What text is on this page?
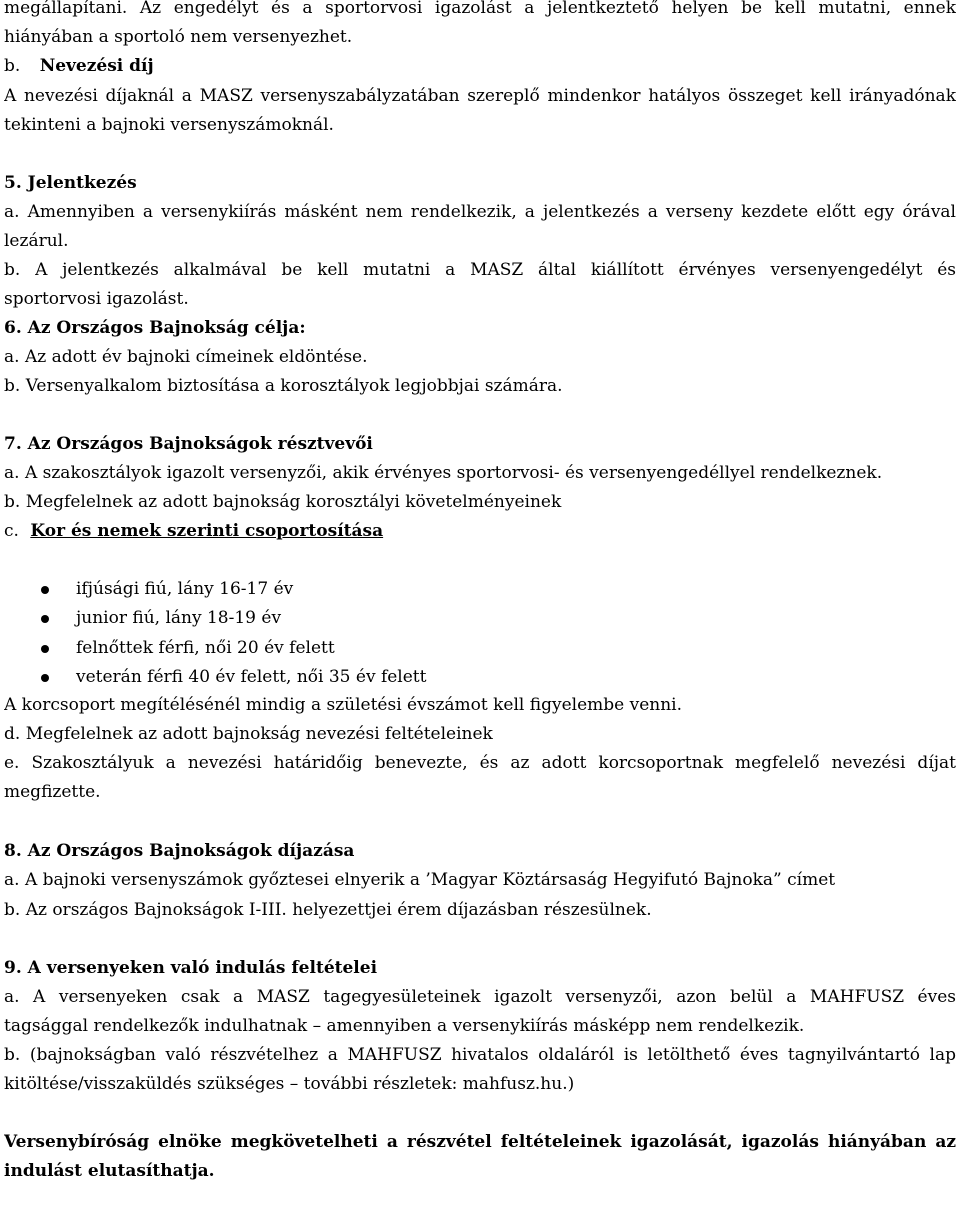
megállapítani. Az engedélyt és a sportorvosi igazolást a jelentkeztető helyen be kell mutatni, ennek
hiányában a sportoló nem versenyezhet.
b. Nevezési díj
A nevezési díjaknál a MASZ versenyszabályzatában szereplő mindenkor hatályos összeget kell irányadónak
tekinteni a bajnoki versenyszámoknál.
5. Jelentkezés
a. Amennyiben a versenykiírás másként nem rendelkezik, a jelentkezés a verseny kezdete előtt egy órával
lezárul.
b. A jelentkezés alkalmával be kell mutatni a MASZ által kiállított érvényes versenyengedélyt és
sportorvosi igazolást.
6. Az Országos Bajnokság célja:
a. Az adott év bajnoki címeinek eldöntése.
b. Versenyalkalom biztosítása a korosztályok legjobbjai számára.
7. Az Országos Bajnokságok résztvevői
a. A szakosztályok igazolt versenyzői, akik érvényes sportorvosi- és versenyengedéllyel rendelkeznek.
b. Megfelelnek az adott bajnokság korosztályi követelményeinek
c. Kor és nemek szerinti csoportosítása
ifjúsági fiú, lány 16-17 év
junior fiú, lány 18-19 év
felnőttek férfi, női 20 év felett
veterán férfi 40 év felett, női 35 év felett
A korcsoport megítélésénél mindig a születési évszámot kell figyelembe venni.
d. Megfelelnek az adott bajnokság nevezési feltételeinek
e. Szakosztályuk a nevezési határidőig benevezte, és az adott korcsoportnak megfelelő nevezési díjat
megfizette.
8. Az Országos Bajnokságok díjazása
a. A bajnoki versenyszámok győztesei elnyerik a ’Magyar Köztársaság Hegyifutó Bajnoka” címet
b. Az országos Bajnokságok I-III. helyezettjei érem díjazásban részesülnek.
9. A versenyeken való indulás feltételei
a. A versenyeken csak a MASZ tagegyesületeinek igazolt versenyzői, azon belül a MAHFUSZ éves
tagsággal rendelkezők indulhatnak – amennyiben a versenykiírás másképp nem rendelkezik.
b. (bajnokságban való részvételhez a MAHFUSZ hivatalos oldaláról is letölthető éves tagnyilvántartó lap
kitöltése/visszaküldés szükséges – további részletek: mahfusz.hu.)
Versenybíróság elnöke megkövetelheti a részvétel feltételeinek igazolását, igazolás hiányában az
indulást elutasíthatja.
